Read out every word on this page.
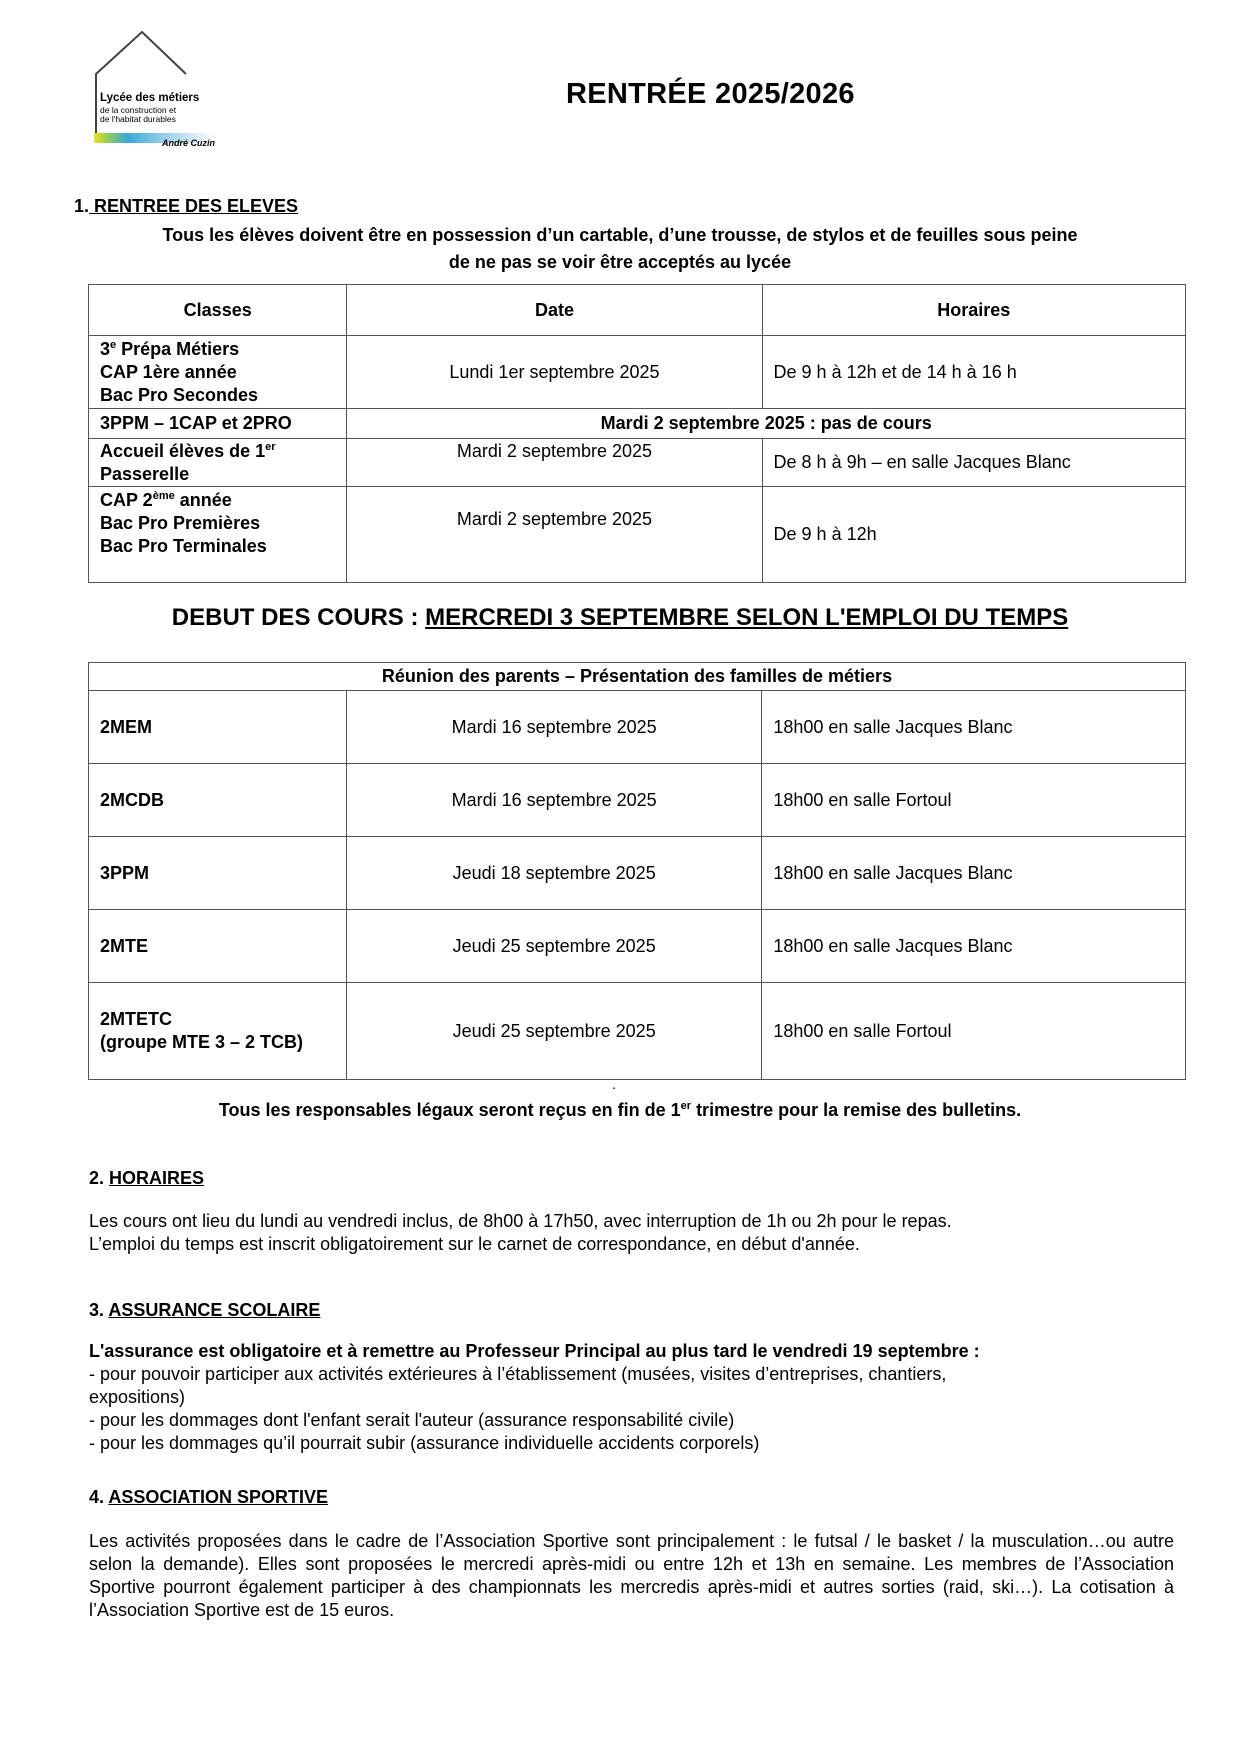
Lycée des métiers
de la construction et
de l'habitat durables
André Cuzin
RENTRÉE 2025/2026
1. RENTREE DES ELEVES
Tous les élèves doivent être en possession d’un cartable, d’une trousse, de stylos et de feuilles sous peine
de ne pas se voir être acceptés au lycée
Classes	Date	Horaires

3e Prépa Métiers
CAP 1ère année
Bac Pro Secondes	Lundi 1er septembre 2025	De 9 h à 12h et de 14 h à 16 h
3PPM – 1CAP et 2PRO	Mardi 2 septembre 2025 : pas de cours	

Accueil élèves de 1er
Passerelle	Mardi 2 septembre 2025	De 8 h à 9h – en salle Jacques Blanc

CAP 2ème année
Bac Pro Premières
Bac Pro Terminales	Mardi 2 septembre 2025	De 9 h à 12h
DEBUT DES COURS : MERCREDI 3 SEPTEMBRE SELON L'EMPLOI DU TEMPS
Réunion des parents – Présentation des familles de métiers		
2MEM	Mardi 16 septembre 2025	18h00 en salle Jacques Blanc
2MCDB	Mardi 16 septembre 2025	18h00 en salle Fortoul
3PPM	Jeudi 18 septembre 2025	18h00 en salle Jacques Blanc
2MTE	Jeudi 25 septembre 2025	18h00 en salle Jacques Blanc

2MTETC
(groupe MTE 3 – 2 TCB)	Jeudi 25 septembre 2025	18h00 en salle Fortoul
.
Tous les responsables légaux seront reçus en fin de 1er trimestre pour la remise des bulletins.
2. HORAIRES
Les cours ont lieu du lundi au vendredi inclus, de 8h00 à 17h50, avec interruption de 1h ou 2h pour le repas.
L’emploi du temps est inscrit obligatoirement sur le carnet de correspondance, en début d'année.
3. ASSURANCE SCOLAIRE
L'assurance est obligatoire et à remettre au Professeur Principal au plus tard le vendredi 19 septembre :
- pour pouvoir participer aux activités extérieures à l’établissement (musées, visites d’entreprises, chantiers,
expositions)
- pour les dommages dont l'enfant serait l'auteur (assurance responsabilité civile)
- pour les dommages qu’il pourrait subir (assurance individuelle accidents corporels)
4. ASSOCIATION SPORTIVE
Les activités proposées dans le cadre de l’Association Sportive sont principalement : le futsal / le basket / la musculation…ou autre selon la demande). Elles sont proposées le mercredi après-midi ou entre 12h et 13h en semaine. Les membres de l’Association Sportive pourront également participer à des championnats les mercredis après-midi et autres sorties (raid, ski…). La cotisation à l’Association Sportive est de 15 euros.
